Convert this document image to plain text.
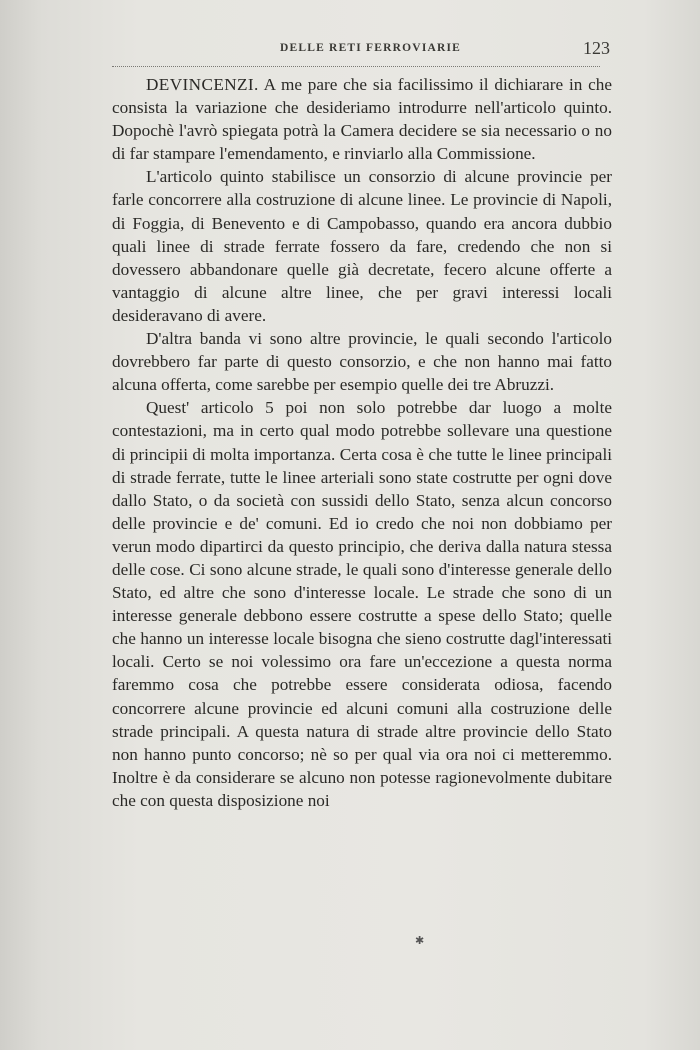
DELLE RETI FERROVIARIE	123

DEVINCENZI. A me pare che sia facilissimo il dichiarare in che consista la variazione che desideriamo introdurre nell'articolo quinto. Dopochè l'avrò spiegata potrà la Camera decidere se sia necessario o no di far stampare l'emendamento, e rinviarlo alla Commissione.

L'articolo quinto stabilisce un consorzio di alcune provincie per farle concorrere alla costruzione di alcune linee. Le provincie di Napoli, di Foggia, di Benevento e di Campobasso, quando era ancora dubbio quali linee di strade ferrate fossero da fare, credendo che non si dovessero abbandonare quelle già decretate, fecero alcune offerte a vantaggio di alcune altre linee, che per gravi interessi locali desideravano di avere.

D'altra banda vi sono altre provincie, le quali secondo l'articolo dovrebbero far parte di questo consorzio, e che non hanno mai fatto alcuna offerta, come sarebbe per esempio quelle dei tre Abruzzi.

Quest' articolo 5 poi non solo potrebbe dar luogo a molte contestazioni, ma in certo qual modo potrebbe sollevare una questione di principii di molta importanza. Certa cosa è che tutte le linee principali di strade ferrate, tutte le linee arteriali sono state costrutte per ogni dove dallo Stato, o da società con sussidi dello Stato, senza alcun concorso delle provincie e de' comuni. Ed io credo che noi non dobbiamo per verun modo dipartirci da questo principio, che deriva dalla natura stessa delle cose. Ci sono alcune strade, le quali sono d'interesse generale dello Stato, ed altre che sono d'interesse locale. Le strade che sono di un interesse generale debbono essere costrutte a spese dello Stato; quelle che hanno un interesse locale bisogna che sieno costrutte dagl'interessati locali. Certo se noi volessimo ora fare un'eccezione a questa norma faremmo cosa che potrebbe essere considerata odiosa, facendo concorrere alcune provincie ed alcuni comuni alla costruzione delle strade principali. A questa natura di strade altre provincie dello Stato non hanno punto concorso; nè so per qual via ora noi ci metteremmo. Inoltre è da considerare se alcuno non potesse ragionevolmente dubitare che con questa disposizione noi

✱
